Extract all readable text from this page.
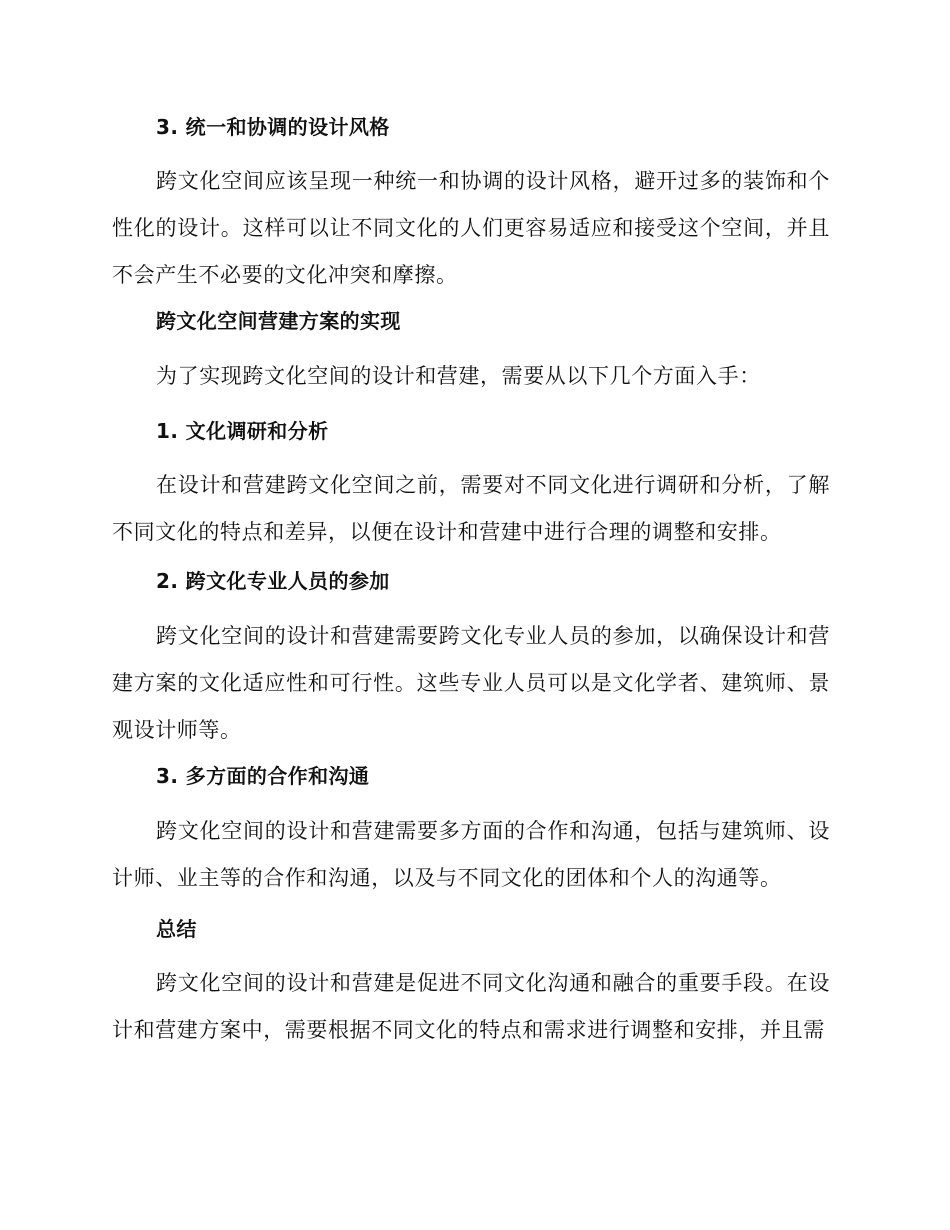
3. 统一和协调的设计风格

跨文化空间应该呈现一种统一和协调的设计风格，避开过多的装饰和个性化的设计。这样可以让不同文化的人们更容易适应和接受这个空间，并且不会产生不必要的文化冲突和摩擦。

跨文化空间营建方案的实现

为了实现跨文化空间的设计和营建，需要从以下几个方面入手：

1. 文化调研和分析

在设计和营建跨文化空间之前，需要对不同文化进行调研和分析，了解不同文化的特点和差异，以便在设计和营建中进行合理的调整和安排。

2. 跨文化专业人员的参加

跨文化空间的设计和营建需要跨文化专业人员的参加，以确保设计和营建方案的文化适应性和可行性。这些专业人员可以是文化学者、建筑师、景观设计师等。

3. 多方面的合作和沟通

跨文化空间的设计和营建需要多方面的合作和沟通，包括与建筑师、设计师、业主等的合作和沟通，以及与不同文化的团体和个人的沟通等。

总结

跨文化空间的设计和营建是促进不同文化沟通和融合的重要手段。在设计和营建方案中，需要根据不同文化的特点和需求进行调整和安排，并且需
